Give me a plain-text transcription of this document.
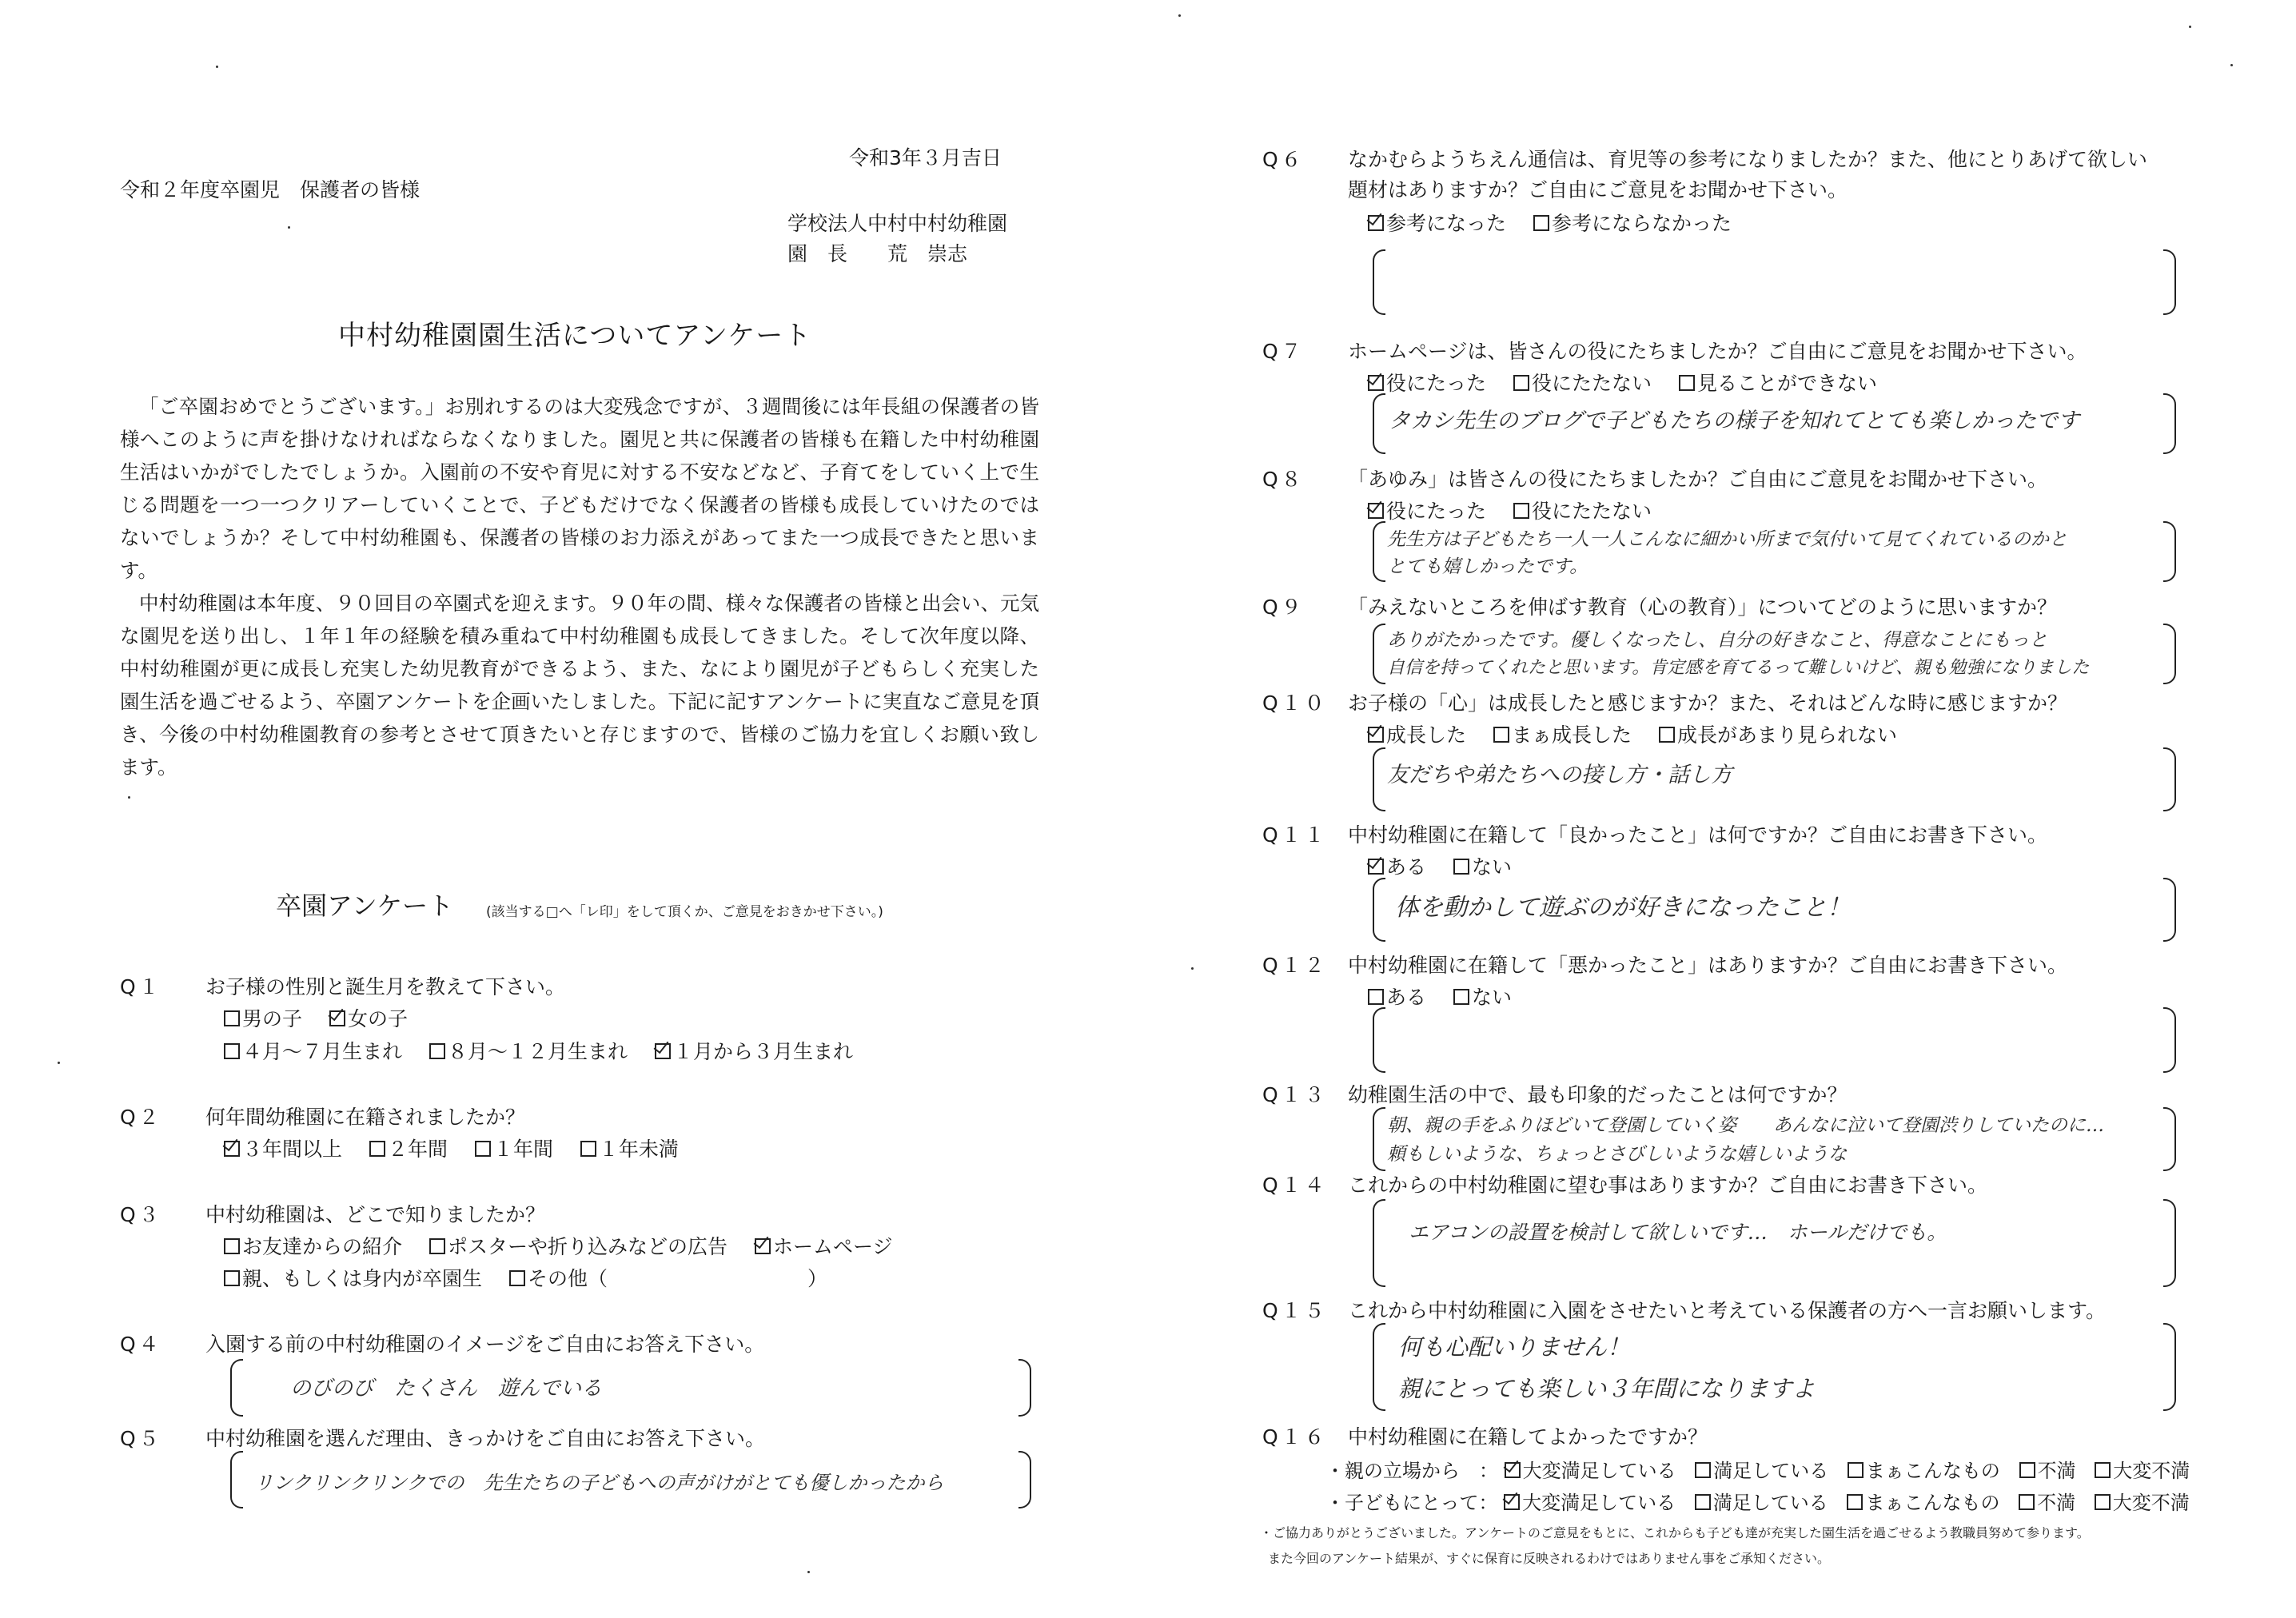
令和3年３月吉日
令和２年度卒園児　保護者の皆様
学校法人中村中村幼稚園
園　長　　荒　崇志
中村幼稚園園生活についてアンケート

「ご卒園おめでとうございます。」お別れするのは大変残念ですが、３週間後には年長組の保護者の皆様へこのように声を掛けなければならなくなりました。園児と共に保護者の皆様も在籍した中村幼稚園生活はいかがでしたでしょうか。入園前の不安や育児に対する不安などなど、子育てをしていく上で生じる問題を一つ一つクリアーしていくことで、子どもだけでなく保護者の皆様も成長していけたのではないでしょうか？そして中村幼稚園も、保護者の皆様のお力添えがあってまた一つ成長できたと思います。

中村幼稚園は本年度、９０回目の卒園式を迎えます。９０年の間、様々な保護者の皆様と出会い、元気な園児を送り出し、１年１年の経験を積み重ねて中村幼稚園も成長してきました。そして次年度以降、中村幼稚園が更に成長し充実した幼児教育ができるよう、また、なにより園児が子どもらしく充実した園生活を過ごせるよう、卒園アンケートを企画いたしました。下記に記すアンケートに実直なご意見を頂き、今後の中村幼稚園教育の参考とさせて頂きたいと存じますので、皆様のご協力を宜しくお願い致します。

卒園アンケート (該当する□へ「レ印」をして頂くか、ご意見をおきかせ下さい。)
Q１ お子様の性別と誕生月を教えて下さい。
男の子 女の子
４月～７月生まれ ８月～１２月生まれ １月から３月生まれ
Q２ 何年間幼稚園に在籍されましたか？
３年間以上 ２年間 １年間 １年未満
Q３ 中村幼稚園は、どこで知りましたか？
お友達からの紹介 ポスターや折り込みなどの広告 ホームページ
親、もしくは身内が卒園生 その他（　　　　　　　　　　）
Q４ 入園する前の中村幼稚園のイメージをご自由にお答え下さい。
のびのび　たくさん　遊んでいる
Q５ 中村幼稚園を選んだ理由、きっかけをご自由にお答え下さい。
リンクリンクリンクでの　先生たちの子どもへの声がけがとても優しかったから
Q６ なかむらようちえん通信は、育児等の参考になりましたか？また、他にとりあげて欲しい
題材はありますか？ご自由にご意見をお聞かせ下さい。
参考になった 参考にならなかった
Q７ ホームページは、皆さんの役にたちましたか？ご自由にご意見をお聞かせ下さい。
役にたった 役にたたない 見ることができない
タカシ先生のブログで子どもたちの様子を知れてとても楽しかったです
Q８ 「あゆみ」は皆さんの役にたちましたか？ご自由にご意見をお聞かせ下さい。
役にたった 役にたたない
先生方は子どもたち一人一人こんなに細かい所まで気付いて見てくれているのかと
とても嬉しかったです。
Q９ 「みえないところを伸ばす教育（心の教育）」についてどのように思いますか？
ありがたかったです。優しくなったし、自分の好きなこと、得意なことにもっと
自信を持ってくれたと思います。肯定感を育てるって難しいけど、親も勉強になりました
Q１０ お子様の「心」は成長したと感じますか？また、それはどんな時に感じますか？
成長した まぁ成長した 成長があまり見られない
友だちや弟たちへの接し方・話し方
Q１１ 中村幼稚園に在籍して「良かったこと」は何ですか？ご自由にお書き下さい。
ある ない
体を動かして遊ぶのが好きになったこと！
Q１２ 中村幼稚園に在籍して「悪かったこと」はありますか？ご自由にお書き下さい。
ある ない
Q１３ 幼稚園生活の中で、最も印象的だったことは何ですか？
朝、親の手をふりほどいて登園していく姿　　あんなに泣いて登園渋りしていたのに…
頼もしいような、ちょっとさびしいような嬉しいような
Q１４ これからの中村幼稚園に望む事はありますか？ご自由にお書き下さい。
エアコンの設置を検討して欲しいです…　ホールだけでも。
Q１５ これから中村幼稚園に入園をさせたいと考えている保護者の方へ一言お願いします。
何も心配いりません！
親にとっても楽しい３年間になりますよ
Q１６ 中村幼稚園に在籍してよかったですか？
・親の立場から　： 大変満足している 満足している まぁこんなもの 不満 大変不満
・子どもにとって： 大変満足している 満足している まぁこんなもの 不満 大変不満
・ご協力ありがとうございました。アンケートのご意見をもとに、これからも子ども達が充実した園生活を過ごせるよう教職員努めて参ります。
また今回のアンケート結果が、すぐに保育に反映されるわけではありません事をご承知ください。
